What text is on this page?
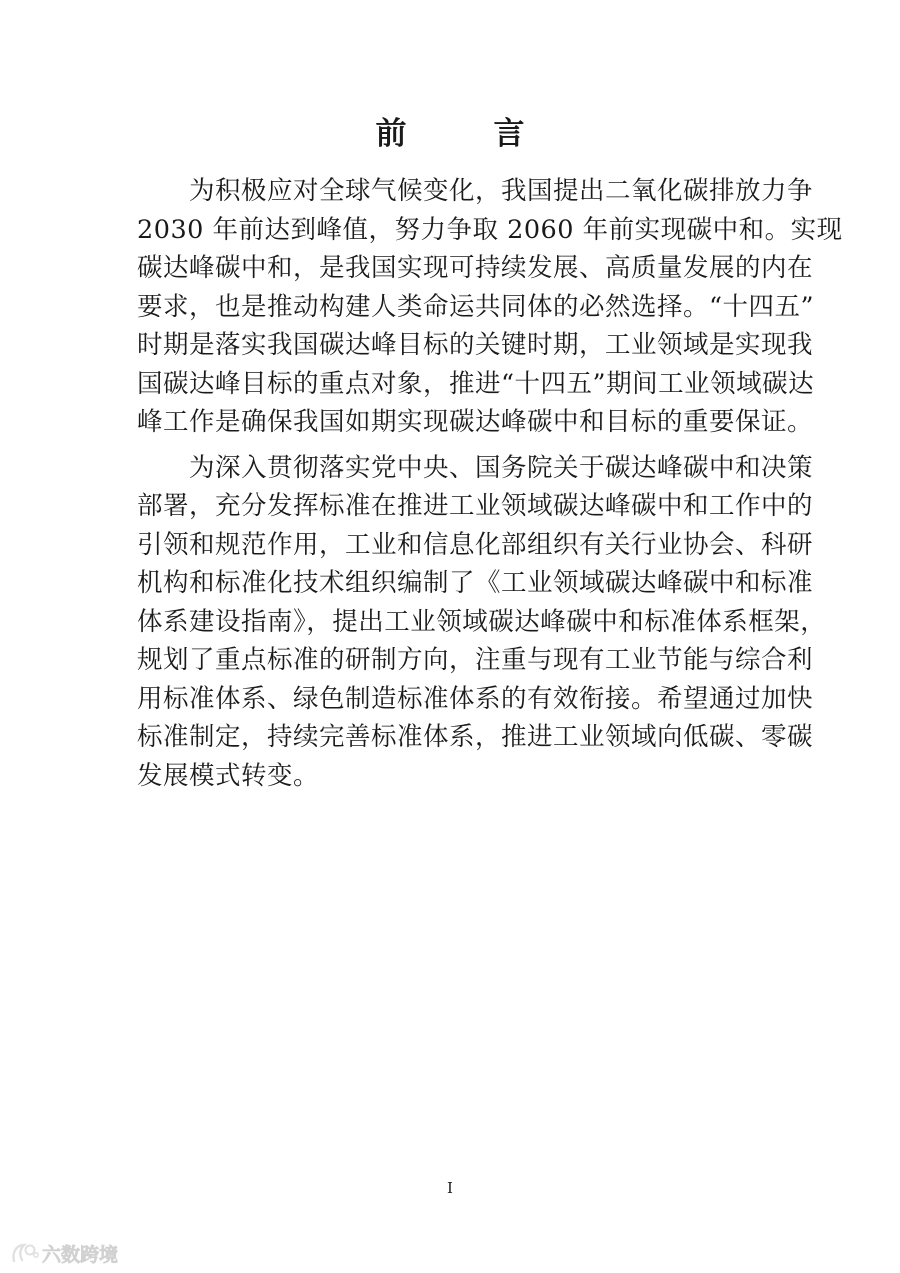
前　言
为积极应对全球气候变化，我国提出二氧化碳排放力争
2030 年前达到峰值，努力争取 2060 年前实现碳中和。实现
碳达峰碳中和，是我国实现可持续发展、高质量发展的内在
要求，也是推动构建人类命运共同体的必然选择。“十四五”
时期是落实我国碳达峰目标的关键时期，工业领域是实现我
国碳达峰目标的重点对象，推进“十四五”期间工业领域碳达
峰工作是确保我国如期实现碳达峰碳中和目标的重要保证。
为深入贯彻落实党中央、国务院关于碳达峰碳中和决策
部署，充分发挥标准在推进工业领域碳达峰碳中和工作中的
引领和规范作用，工业和信息化部组织有关行业协会、科研
机构和标准化技术组织编制了《工业领域碳达峰碳中和标准
体系建设指南》，提出工业领域碳达峰碳中和标准体系框架，
规划了重点标准的研制方向，注重与现有工业节能与综合利
用标准体系、绿色制造标准体系的有效衔接。希望通过加快
标准制定，持续完善标准体系，推进工业领域向低碳、零碳
发展模式转变。
I
六数跨境
